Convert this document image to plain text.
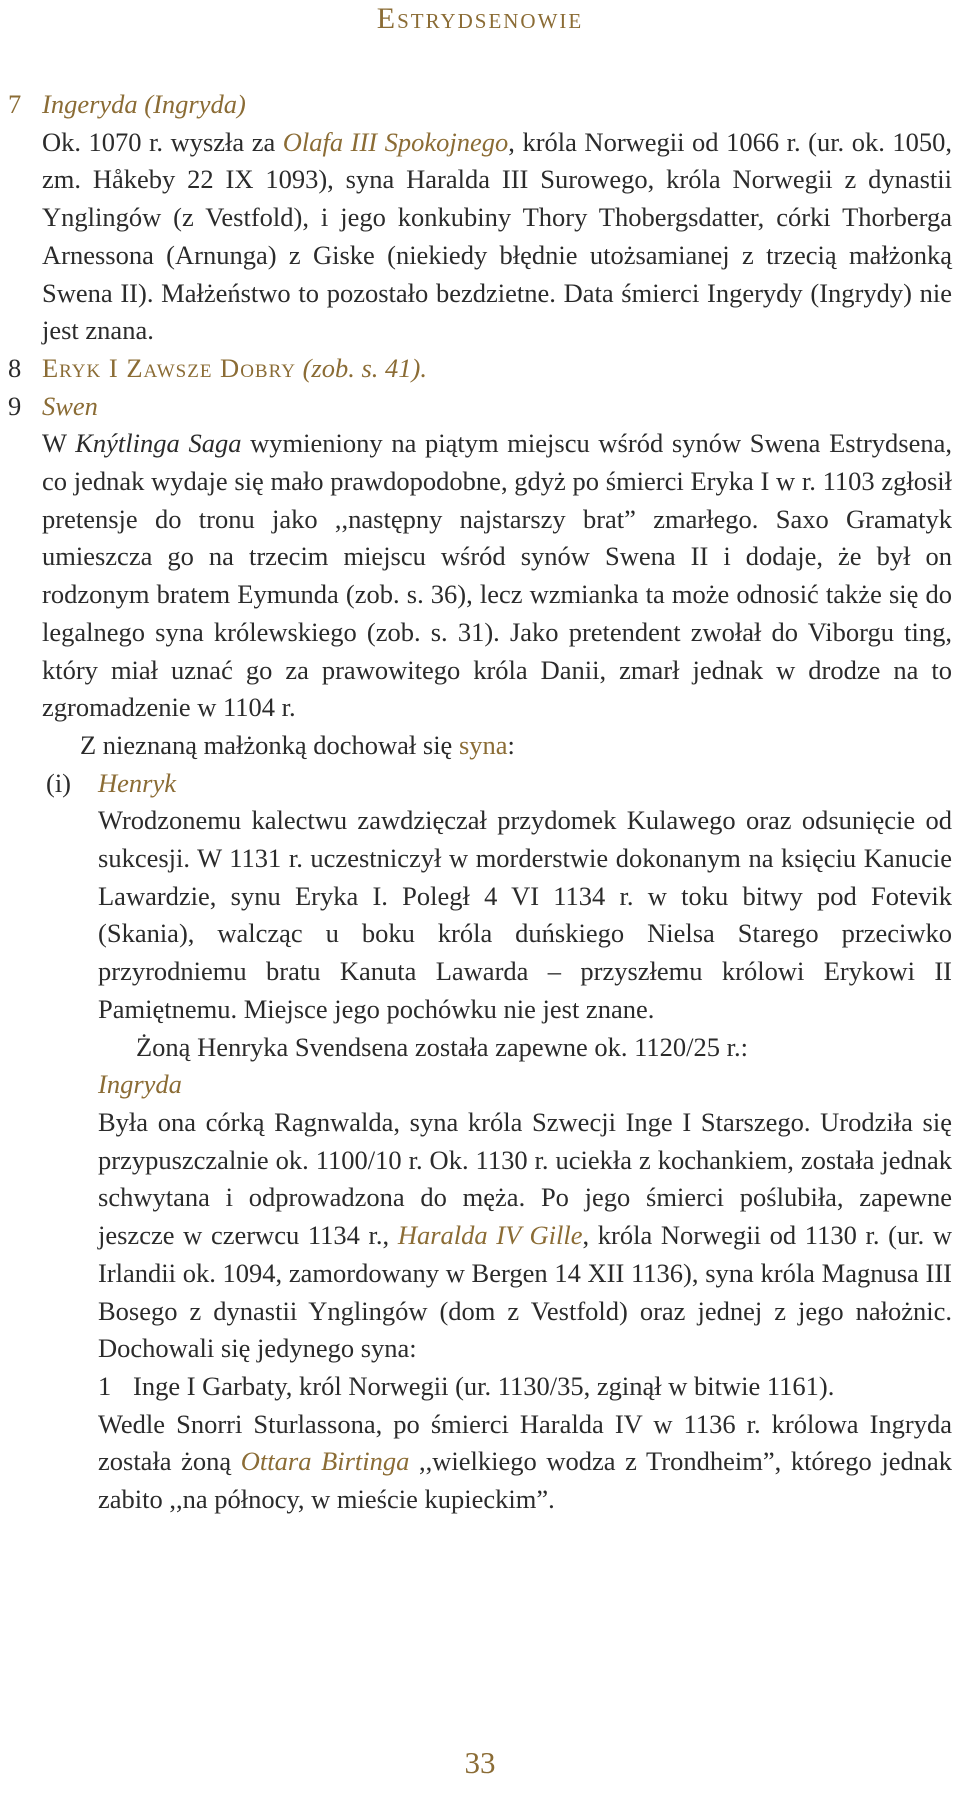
Estrydsenowie
7 Ingeryda (Ingryda)

Ok. 1070 r. wyszła za Olafa III Spokojnego, króla Norwegii od 1066 r. (ur. ok. 1050, zm. Håkeby 22 IX 1093), syna Haralda III Surowego, króla Norwegii z dynastii Ynglingów (z Vestfold), i jego konkubiny Thory Thobergsdatter, córki Thorberga Arnessona (Arnunga) z Giske (niekiedy błędnie utożsamianej z trzecią małżonką Swena II). Małżeństwo to pozostało bezdzietne. Data śmierci Ingerydy (Ingrydy) nie jest znana.

8 Eryk I Zawsze Dobry (zob. s. 41).
9 Swen

W Knýtlinga Saga wymieniony na piątym miejscu wśród synów Swena Estrydsena, co jednak wydaje się mało prawdopodobne, gdyż po śmierci Eryka I w r. 1103 zgłosił pretensje do tronu jako ,,następny najstarszy brat” zmarłego. Saxo Gramatyk umieszcza go na trzecim miejscu wśród synów Swena II i dodaje, że był on rodzonym bratem Eymunda (zob. s. 36), lecz wzmianka ta może odnosić także się do legalnego syna królewskiego (zob. s. 31). Jako pretendent zwołał do Viborgu ting, który miał uznać go za prawowitego króla Danii, zmarł jednak w drodze na to zgromadzenie w 1104 r.

Z nieznaną małżonką dochował się syna:

(i) Henryk

Wrodzonemu kalectwu zawdzięczał przydomek Kulawego oraz odsunięcie od sukcesji. W 1131 r. uczestniczył w morderstwie dokonanym na księciu Kanucie Lawardzie, synu Eryka I. Poległ 4 VI 1134 r. w toku bitwy pod Fotevik (Skania), walcząc u boku króla duńskiego Nielsa Starego przeciwko przyrodniemu bratu Kanuta Lawarda – przyszłemu królowi Erykowi II Pamiętnemu. Miejsce jego pochówku nie jest znane.

Żoną Henryka Svendsena została zapewne ok. 1120/25 r.:

Ingryda

Była ona córką Ragnwalda, syna króla Szwecji Inge I Starszego. Urodziła się przypuszczalnie ok. 1100/10 r. Ok. 1130 r. uciekła z kochankiem, została jednak schwytana i odprowadzona do męża. Po jego śmierci poślubiła, zapewne jeszcze w czerwcu 1134 r., Haralda IV Gille, króla Norwegii od 1130 r. (ur. w Irlandii ok. 1094, zamordowany w Bergen 14 XII 1136), syna króla Magnusa III Bosego z dynastii Ynglingów (dom z Vestfold) oraz jednej z jego nałożnic. Dochowali się jedynego syna:

1 Inge I Garbaty, król Norwegii (ur. 1130/35, zginął w bitwie 1161).

Wedle Snorri Sturlassona, po śmierci Haralda IV w 1136 r. królowa Ingryda została żoną Ottara Birtinga ,,wielkiego wodza z Trondheim”, którego jednak zabito ,,na północy, w mieście kupieckim”.

33
